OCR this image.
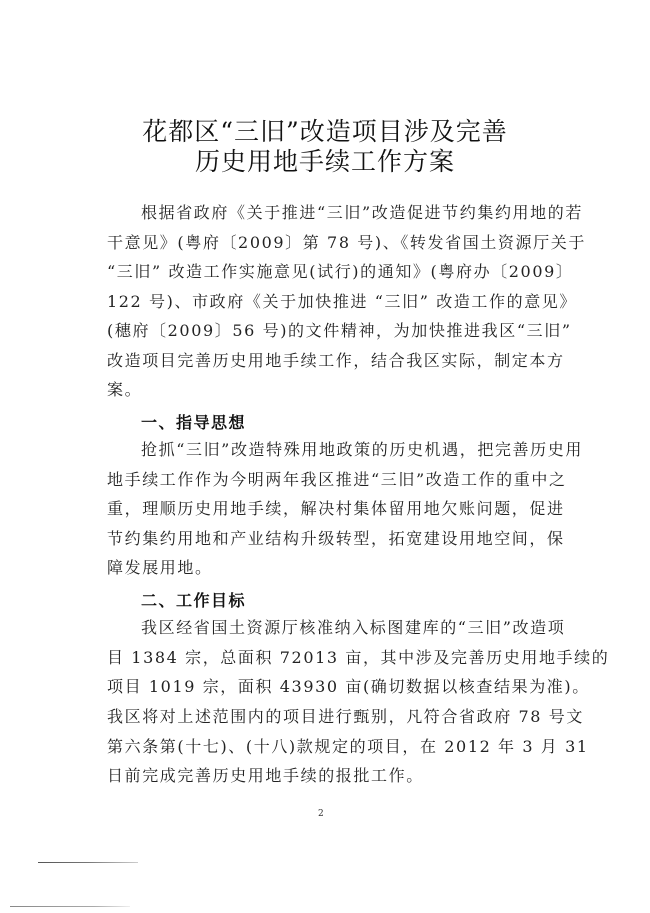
花都区“三旧”改造项目涉及完善
历史用地手续工作方案
根据省政府《关于推进“三旧”改造促进节约集约用地的若
干意见》(粤府〔2009〕第 78 号)、《转发省国土资源厅关于
“三旧” 改造工作实施意见(试行)的通知》(粤府办〔2009〕
122 号)、市政府《关于加快推进 “三旧” 改造工作的意见》
(穗府〔2009〕56 号)的文件精神，为加快推进我区“三旧”
改造项目完善历史用地手续工作，结合我区实际，制定本方
案。
一、指导思想
抢抓“三旧”改造特殊用地政策的历史机遇，把完善历史用
地手续工作作为今明两年我区推进“三旧”改造工作的重中之
重，理顺历史用地手续，解决村集体留用地欠账问题，促进
节约集约用地和产业结构升级转型，拓宽建设用地空间，保
障发展用地。
二、工作目标
我区经省国土资源厅核准纳入标图建库的“三旧”改造项
目 1384 宗，总面积 72013 亩，其中涉及完善历史用地手续的
项目 1019 宗，面积 43930 亩(确切数据以核查结果为准)。
我区将对上述范围内的项目进行甄别，凡符合省政府 78 号文
第六条第(十七)、(十八)款规定的项目，在 2012 年 3 月 31
日前完成完善历史用地手续的报批工作。
2
